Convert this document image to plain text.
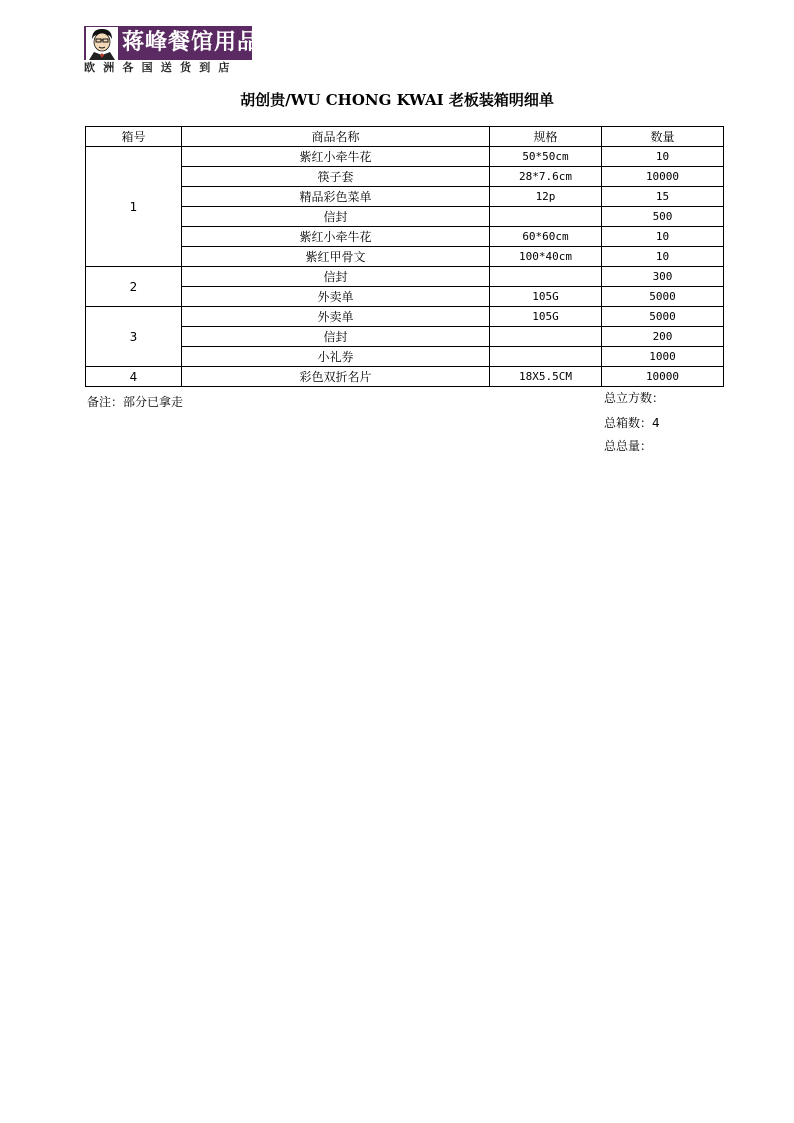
蒋峰餐馆用品
欧洲各国送货到店
胡创贵/WU CHONG KWAI 老板装箱明细单
箱号	商品名称	规格	数量
1	紫红小牵牛花	50*50cm	10
	筷子套	28*7.6cm	10000
	精品彩色菜单	12p	15
	信封		500
	紫红小牵牛花	60*60cm	10
	紫红甲骨文	100*40cm	10
2	信封		300
	外卖单	105G	5000
3	外卖单	105G	5000
	信封		200
	小礼券		1000
4	彩色双折名片	18X5.5CM	10000
备注：部分已拿走	总立方数：
总箱数：4
总总量：
